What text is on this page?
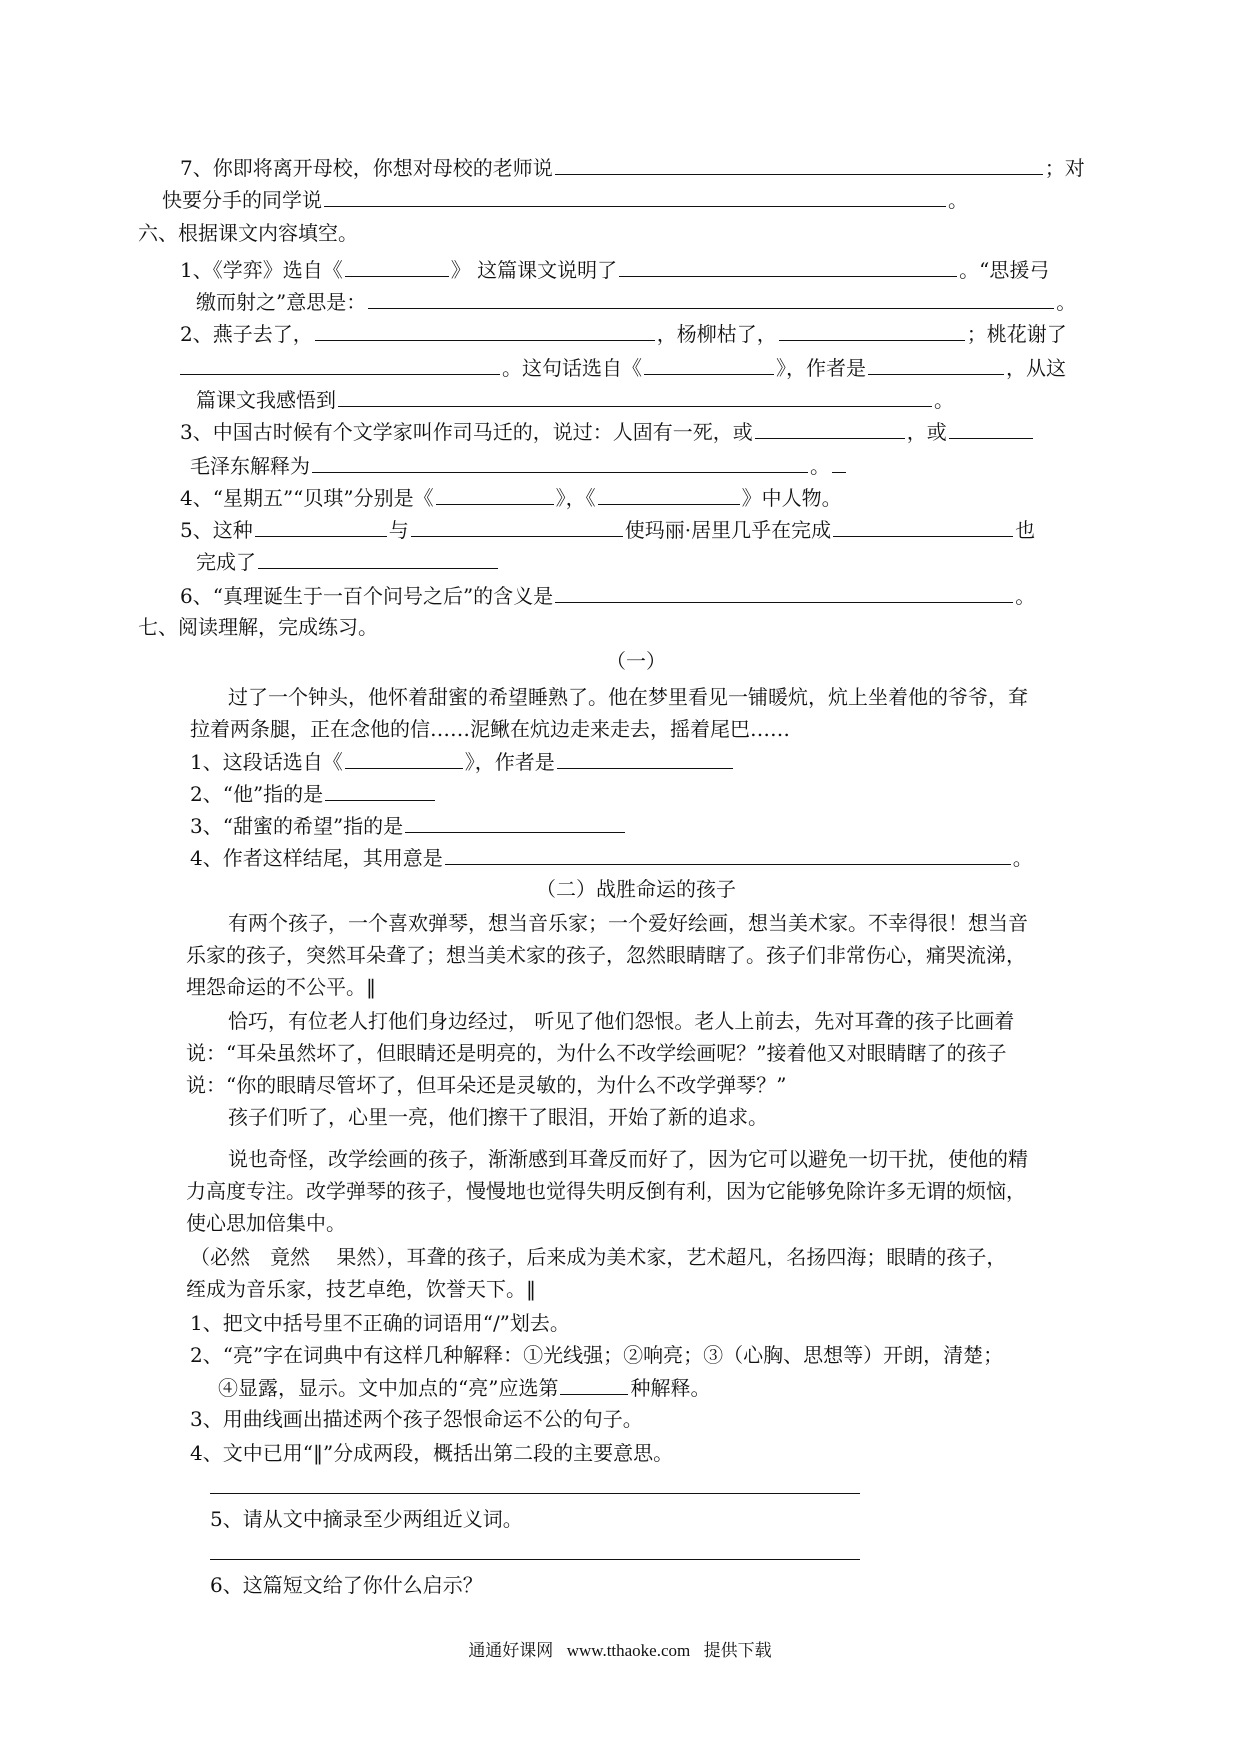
7、你即将离开母校，你想对母校的老师说	；对
快要分手的同学说	。
六、根据课文内容填空。
1、《学弈》选自《	》 这篇课文说明了	。“思援弓
缴而射之”意思是：	。
2、燕子去了，	，杨柳枯了，	；桃花谢了
。这句话选自《	》，作者是	，从这
篇课文我感悟到	。
3、中国古时候有个文学家叫作司马迁的，说过：人固有一死，或	，或
毛泽东解释为	。
4、“星期五”“贝琪”分别是《	》，《	》中人物。
5、这种	与	使玛丽·居里几乎在完成	也
完成了
6、“真理诞生于一百个问号之后”的含义是	。
七、阅读理解，完成练习。
（一）
过了一个钟头，他怀着甜蜜的希望睡熟了。他在梦里看见一铺暖炕，炕上坐着他的爷爷，耷
拉着两条腿，正在念他的信……泥鳅在炕边走来走去，摇着尾巴……
1、这段话选自《	》，作者是
2、“他”指的是
3、“甜蜜的希望”指的是
4、作者这样结尾，其用意是	。
（二）战胜命运的孩子
有两个孩子，一个喜欢弹琴，想当音乐家；一个爱好绘画，想当美术家。不幸得很！想当音
乐家的孩子，突然耳朵聋了；想当美术家的孩子，忽然眼睛瞎了。孩子们非常伤心，痛哭流涕，
埋怨命运的不公平。‖
恰巧，有位老人打他们身边经过， 听见了他们怨恨。老人上前去，先对耳聋的孩子比画着
说：“耳朵虽然坏了，但眼睛还是明亮的，为什么不改学绘画呢？”接着他又对眼睛瞎了的孩子
说：“你的眼睛尽管坏了，但耳朵还是灵敏的，为什么不改学弹琴？”
孩子们听了，心里一亮，他们擦干了眼泪，开始了新的追求。
说也奇怪，改学绘画的孩子，渐渐感到耳聋反而好了，因为它可以避免一切干扰，使他的精
力高度专注。改学弹琴的孩子，慢慢地也觉得失明反倒有利，因为它能够免除许多无谓的烦恼，
使心思加倍集中。
（必然　竟然　 果然），耳聋的孩子，后来成为美术家，艺术超凡，名扬四海；眼睛的孩子，
绖成为音乐家，技艺卓绝，饮誉天下。‖
1、把文中括号里不正确的词语用“/”划去。
2、“亮”字在词典中有这样几种解释：①光线强；②响亮；③（心胸、思想等）开朗，清楚；
④显露，显示。文中加点的“亮”应选第	种解释。
3、用曲线画出描述两个孩子怨恨命运不公的句子。
4、文中已用“‖”分成两段，概括出第二段的主要意思。
5、请从文中摘录至少两组近义词。
6、这篇短文给了你什么启示？
通通好课网 www.tthaoke.com 提供下载
